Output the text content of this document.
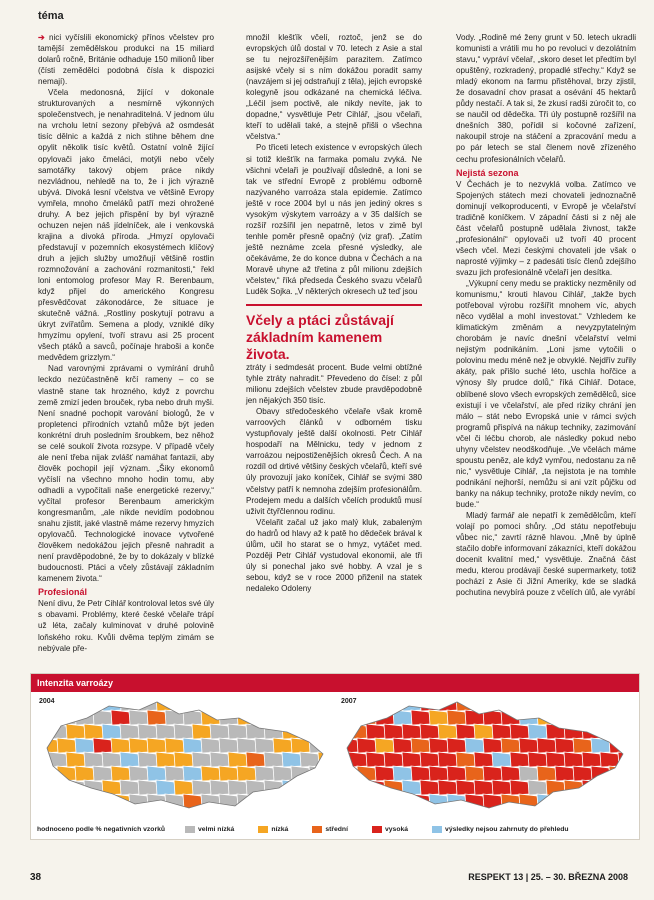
téma

➔ nici vyčíslili ekonomický přínos včelstev pro tamější zemědělskou produkci na 15 miliard dolarů ročně, Británie odhaduje 150 milionů liber (čísti zemědělci podobná čísla k dispozici nemají).

Včela medonosná, žijící v dokonale strukturovaných a nesmírně výkonných společenstvech, je nenahraditelná. V jednom úlu na vrcholu letní sezony přebývá až osmdesát tisíc dělnic a každá z nich stihne během dne opylit několik tisíc květů. Ostatní volně žijící opylovači jako čmeláci, motýli nebo včely samotářky takový objem práce nikdy nezvládnou, nehledě na to, že i jich výrazně ubývá. Divoká lesní včelstva ve většině Evropy vymřela, mnoho čmeláků patří mezi ohrožené druhy. A bez jejich přispění by byl výrazně ochuzen nejen náš jídelníček, ale i venkovská krajina a divoká příroda. „Hmyzí opylovači představují v pozemních ekosystémech klíčový druh a jejich služby umožňují většině rostlin rozmnožování a zachování rozmanitosti,“ řekl loni entomolog profesor May R. Berenbaum, když přijel do amerického Kongresu přesvědčovat zákonodárce, že situace je skutečně vážná. „Rostliny poskytují potravu a úkryt zvířatům. Semena a plody, vzniklé díky hmyzímu opylení, tvoří stravu asi 25 procent všech ptáků a savců, počínaje hraboši a konče medvědem grizzlym.“

Nad varovnými zprávami o vymírání druhů leckdo nezúčastněně krčí rameny – co se vlastně stane tak hrozného, když z povrchu země zmizí jeden brouček, ryba nebo druh myši. Není snadné pochopit varování biologů, že v propletenci přírodních vztahů může být jeden konkrétní druh posledním šroubkem, bez něhož se celé soukolí života rozsype. V případě včely ale není třeba nijak zvlášť namáhat fantazii, aby člověk pochopil její význam. „Šiky ekonomů vyčíslí na všechno mnoho hodin tomu, aby odhadli a vypočítali naše energetické rezervy,“ vyčítal profesor Berenbaum americkým kongresmanům, „ale nikde nevidím podobnou snahu zjistit, jaké vlastně máme rezervy hmyzích opylovačů. Technologické inovace vytvořené člověkem nedokážou jejich přesně nahradit a není pravděpodobné, že by to dokázaly v blízké budoucnosti. Ptáci a včely zůstávají základním kamenem života.“

Profesionál

Není divu, že Petr Cihlář kontroloval letos své úly s obavami. Problémy, které české včelaře trápí už léta, začaly kulminovat v druhé polovině loňského roku. Kvůli dvěma teplým zimám se nebývale pře-

množil klešťík včelí, roztoč, jenž se do evropských úlů dostal v 70. letech z Asie a stal se tu nejrozšířenějším parazitem. Zatímco asijské včely si s ním dokážou poradit samy (navzájem si jej odstraňují z těla), jejich evropské kolegyně jsou odkázané na chemická léčiva. „Léčil jsem poctivě, ale nikdy nevíte, jak to dopadne,“ vysvětluje Petr Cihlář, „jsou včelaři, kteří to udělali také, a stejně přišli o všechna včelstva.“

Po třiceti letech existence v evropských úlech si totiž klešťík na farmaka pomalu zvyká. Ne všichni včelaři je používají důsledně, a loni se tak ve střední Evropě z problému odborně nazývaného varroáza stala epidemie. Zatímco ještě v roce 2004 byl u nás jen jediný okres s vysokým výskytem varroázy a v 35 dalších se rozšíř rozšířil jen nepatrně, letos v zimě byl tenhle poměr přesně opačný (viz graf). „Zatím ještě neznáme zcela přesné výsledky, ale očekáváme, že do konce dubna v Čechách a na Moravě uhyne až třetina z půl milionu zdejších včelstev,“ říká předseda Českého svazu včelařů Luděk Sojka. „V některých okresech už teď jsou

Včely a ptáci zůstávají základním kamenem života.

ztráty i sedmdesát procent. Bude velmi obtížné tyhle ztráty nahradit.“ Převedeno do čísel: z půl milionu zdejších včelstev zbude pravděpodobně jen nějakých 350 tisíc.

Obavy středočeského včelaře však kromě varroových článků v odborném tisku vystupňovaly ještě další okolnosti. Petr Cihlář hospodaří na Mělnicku, tedy v jednom z varroázou nejpostiženějších okresů Čech. A na rozdíl od drtivé většiny českých včelařů, kteří své úly provozují jako koníček, Cihlář se svými 380 včelstvy patří k nemnoha zdejším profesionálům. Prodejem medu a dalších včelích produktů musí uživit čtyřčlennou rodinu.

Včelařit začal už jako malý kluk, zabaleným do hadrů od hlavy až k patě ho dědeček brával k úlům, učil ho starat se o hmyz, vytáčet med. Později Petr Cihlář vystudoval ekonomii, ale tři úly si ponechal jako své hobby. A vzal je s sebou, když se v roce 2000 přiženil na statek nedaleko Odoleny

Vody. „Rodině mé ženy grunt v 50. letech ukradli komunisti a vrátili mu ho po revoluci v dezolátním stavu,“ vypráví včelař, „skoro deset let předtím byl opuštěný, rozkradený, propadlé střechy.“ Když se mladý ekonom na farmu přistěhoval, brzy zjistil, že dosavadní chov prasat a osévání 45 hektarů půdy nestačí. A tak si, že zkusí radši zúročit to, co se naučil od dědečka. Tři úly postupně rozšířil na dnešních 380, pořídil si kočovné zařízení, nakoupil stroje na stáčení a zpracování medu a po pár letech se stal členem nově zřízeného cechu profesionálních včelařů.

Nejistá sezona

V Čechách je to nezvyklá volba. Zatímco ve Spojených státech mezi chovateli jednoznačně dominují velkoproducenti, v Evropě je včelařství tradičně koníčkem. V západní části si z něj ale část včelařů postupně udělala živnost, takže „profesionální“ opylovači už tvoří 40 procent všech včel. Mezi českými chovateli jde však o naprosté výjimky – z padesáti tisíc členů zdejšího svazu jich profesionálně včelaří jen desítka.

„Výkupní ceny medu se prakticky nezměnily od komunismu,“ krouti hlavou Cihlář, „takže bych potřeboval výrobu rozšířit mnohem víc, abych něco vydělal a mohl investovat.“ Vzhledem ke klimatickým změnám a nevyzpytatelným chorobám je navíc dnešní včelařství velmi nejistým podnikáním. „Loni jsme vytočili o polovinu medu méně než je obvyklé. Nejdřív zuřily akáty, pak přišlo suché léto, uschla hořčice a výnosy šly prudce dolů,“ říká Cihlář. Dotace, oblíbené slovo všech evropských zemědělců, sice existují i ve včelařství, ale před riziky chrání jen málo – stát nebo Evropská unie v rámci svých programů přispívá na nákup techniky, zazimování včel či léčbu chorob, ale následky pokud nebo uhyny včelstev neodškodňuje. „Ve včelách máme spoustu peněz, ale když vymřou, nedostanu za ně nic,“ vysvětluje Cihlář, „ta nejistota je na tomhle podnikání nejhorší, nemůžu si ani vzít půjčku od banky na nákup techniky, protože nikdy nevím, co bude.“

Mladý farmář ale nepatří k zemědělcům, kteří volají po pomoci shůry. „Od státu nepotřebuju vůbec nic,“ zavrtí rázně hlavou. „Mně by úplně stačilo dobře informovaní zákazníci, kteří dokážou docenit kvalitní med,“ vysvětluje. Značná část medu, kterou prodávají české supermarkety, totiž pochází z Asie či Jižní Ameriky, kde se sladká pochutina nevybírá pouze z včelích úlů, ale vyrábí

Intenzita varroázy
2004	2007
hodnoceno podle % negativních vzorků	velmi nízká	nízká	střední	vysoká	výsledky nejsou zahrnuty do přehledu
38	RESPEKT 13 | 25. – 30. BŘEZNA 2008
